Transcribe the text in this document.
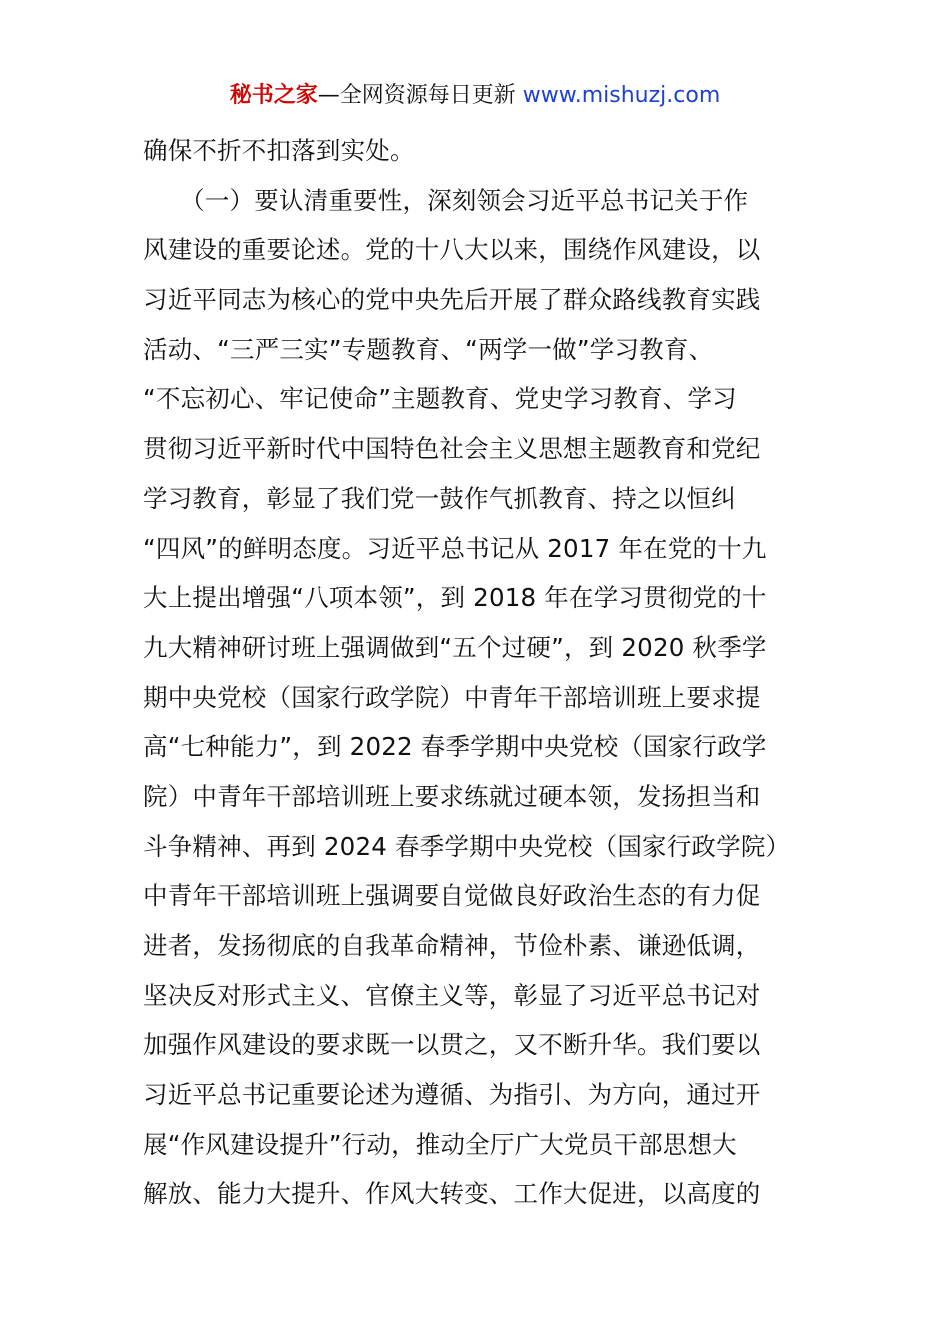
秘书之家—全网资源每日更新 www.mishuzj.com
确保不折不扣落到实处。
　　（一）要认清重要性，深刻领会习近平总书记关于作
风建设的重要论述。党的十八大以来，围绕作风建设，以
习近平同志为核心的党中央先后开展了群众路线教育实践
活动、“三严三实”专题教育、“两学一做”学习教育、
“不忘初心、牢记使命”主题教育、党史学习教育、学习
贯彻习近平新时代中国特色社会主义思想主题教育和党纪
学习教育，彰显了我们党一鼓作气抓教育、持之以恒纠
“四风”的鲜明态度。习近平总书记从 2017 年在党的十九
大上提出增强“八项本领”，到 2018 年在学习贯彻党的十
九大精神研讨班上强调做到“五个过硬”，到 2020 秋季学
期中央党校（国家行政学院）中青年干部培训班上要求提
高“七种能力”，到 2022 春季学期中央党校（国家行政学
院）中青年干部培训班上要求练就过硬本领，发扬担当和
斗争精神、再到 2024 春季学期中央党校（国家行政学院）
中青年干部培训班上强调要自觉做良好政治生态的有力促
进者，发扬彻底的自我革命精神，节俭朴素、谦逊低调，
坚决反对形式主义、官僚主义等，彰显了习近平总书记对
加强作风建设的要求既一以贯之，又不断升华。我们要以
习近平总书记重要论述为遵循、为指引、为方向，通过开
展“作风建设提升”行动，推动全厅广大党员干部思想大
解放、能力大提升、作风大转变、工作大促进，以高度的
